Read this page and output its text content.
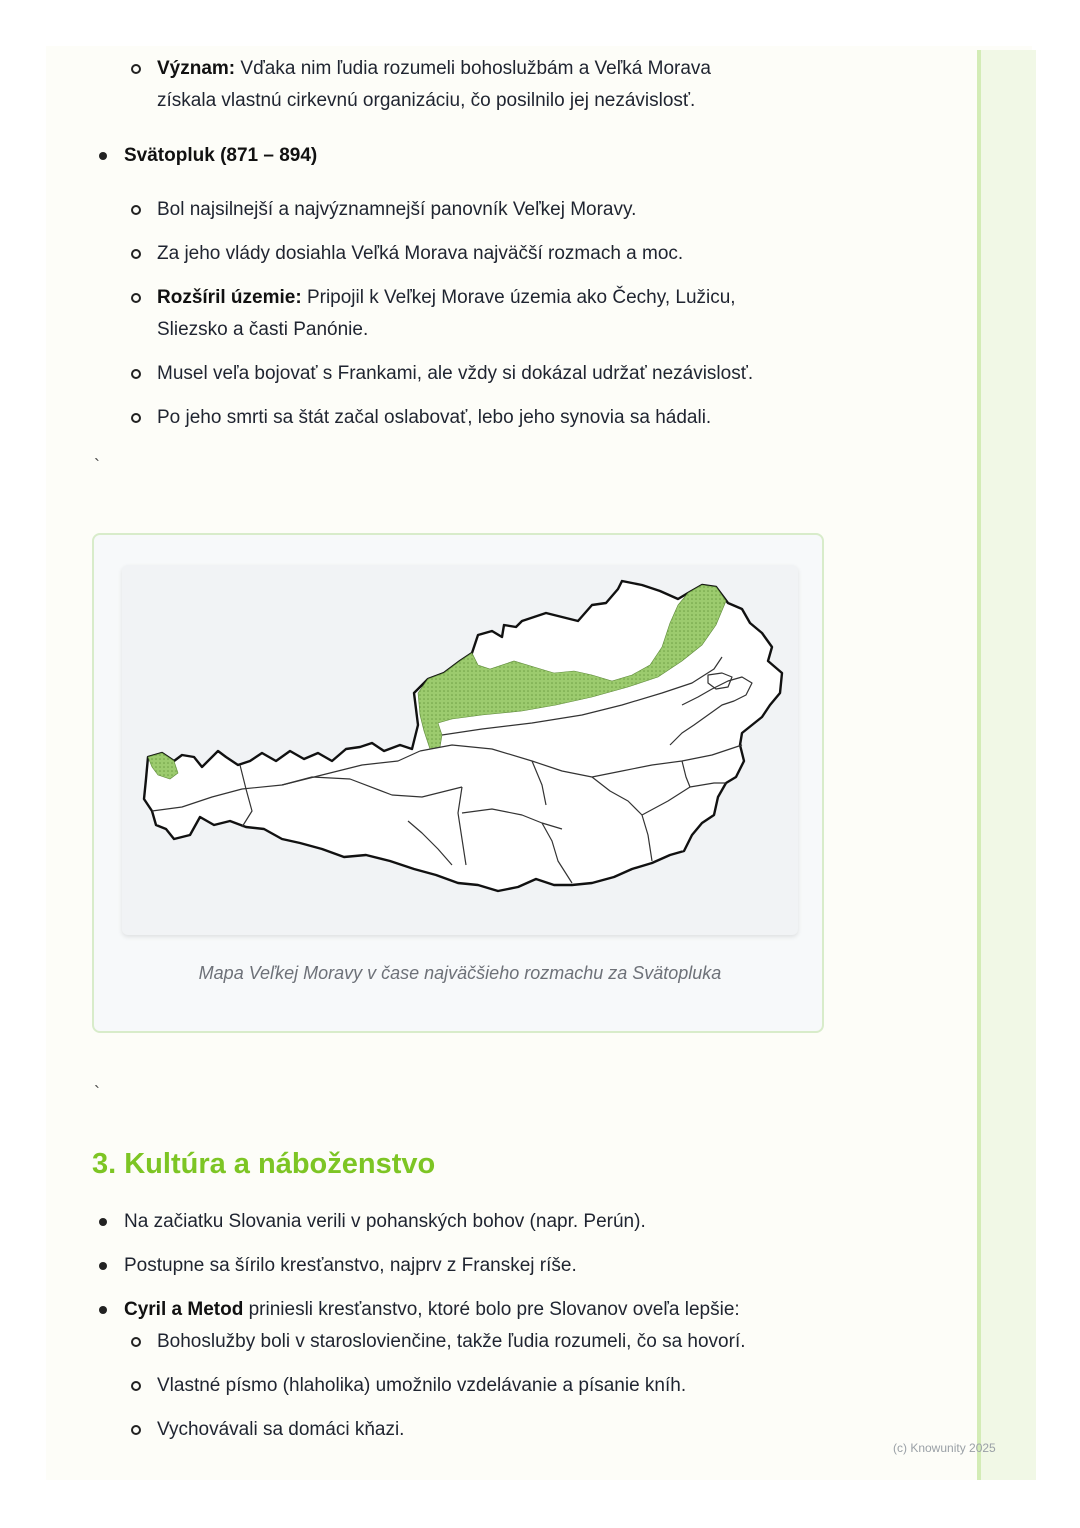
Význam: Vďaka nim ľudia rozumeli bohoslužbám a Veľká Morava
získala vlastnú cirkevnú organizáciu, čo posilnilo jej nezávislosť.
Svätopluk (871 – 894)
Bol najsilnejší a najvýznamnejší panovník Veľkej Moravy.
Za jeho vlády dosiahla Veľká Morava najväčší rozmach a moc.
Rozšíril územie: Pripojil k Veľkej Morave územia ako Čechy, Lužicu,
Sliezsko a časti Panónie.
Musel veľa bojovať s Frankami, ale vždy si dokázal udržať nezávislosť.
Po jeho smrti sa štát začal oslabovať, lebo jeho synovia sa hádali.
`
Mapa Veľkej Moravy v čase najväčšieho rozmachu za Svätopluka
`
3. Kultúra a náboženstvo
Na začiatku Slovania verili v pohanských bohov (napr. Perún).
Postupne sa šírilo kresťanstvo, najprv z Franskej ríše.
Cyril a Metod priniesli kresťanstvo, ktoré bolo pre Slovanov oveľa lepšie:
Bohoslužby boli v staroslovienčine, takže ľudia rozumeli, čo sa hovorí.
Vlastné písmo (hlaholika) umožnilo vzdelávanie a písanie kníh.
Vychovávali sa domáci kňazi.
(c) Knowunity 2025
